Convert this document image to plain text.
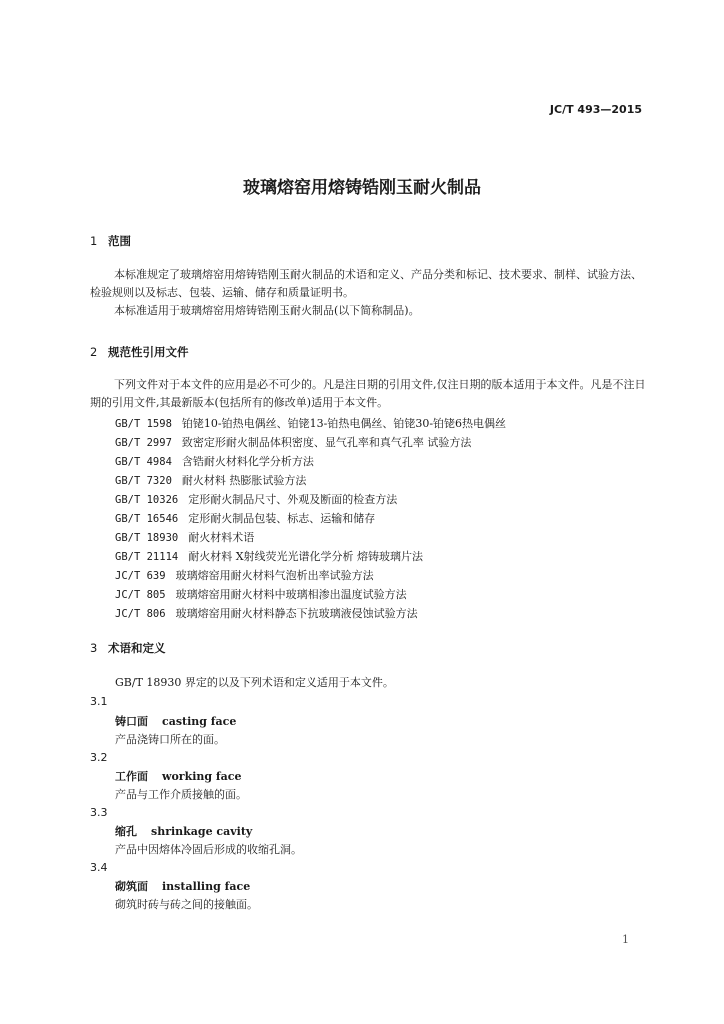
JC/T 493—2015
玻璃熔窑用熔铸锆刚玉耐火制品
1 范围
本标准规定了玻璃熔窑用熔铸锆刚玉耐火制品的术语和定义、产品分类和标记、技术要求、制样、试验方法、检验规则以及标志、包装、运输、储存和质量证明书。
本标准适用于玻璃熔窑用熔铸锆刚玉耐火制品(以下简称制品)。
2 规范性引用文件
下列文件对于本文件的应用是必不可少的。凡是注日期的引用文件,仅注日期的版本适用于本文件。凡是不注日期的引用文件,其最新版本(包括所有的修改单)适用于本文件。
GB/T 1598 铂铑10-铂热电偶丝、铂铑13-铂热电偶丝、铂铑30-铂铑6热电偶丝
GB/T 2997 致密定形耐火制品体积密度、显气孔率和真气孔率 试验方法
GB/T 4984 含锆耐火材料化学分析方法
GB/T 7320 耐火材料 热膨胀试验方法
GB/T 10326 定形耐火制品尺寸、外观及断面的检查方法
GB/T 16546 定形耐火制品包装、标志、运输和储存
GB/T 18930 耐火材料术语
GB/T 21114 耐火材料 X射线荧光光谱化学分析 熔铸玻璃片法
JC/T 639 玻璃熔窑用耐火材料气泡析出率试验方法
JC/T 805 玻璃熔窑用耐火材料中玻璃相渗出温度试验方法
JC/T 806 玻璃熔窑用耐火材料静态下抗玻璃液侵蚀试验方法
3 术语和定义
GB/T 18930 界定的以及下列术语和定义适用于本文件。
3.1
铸口面 casting face
产品浇铸口所在的面。
3.2
工作面 working face
产品与工作介质接触的面。
3.3
缩孔 shrinkage cavity
产品中因熔体冷固后形成的收缩孔洞。
3.4
砌筑面 installing face
砌筑时砖与砖之间的接触面。
1
